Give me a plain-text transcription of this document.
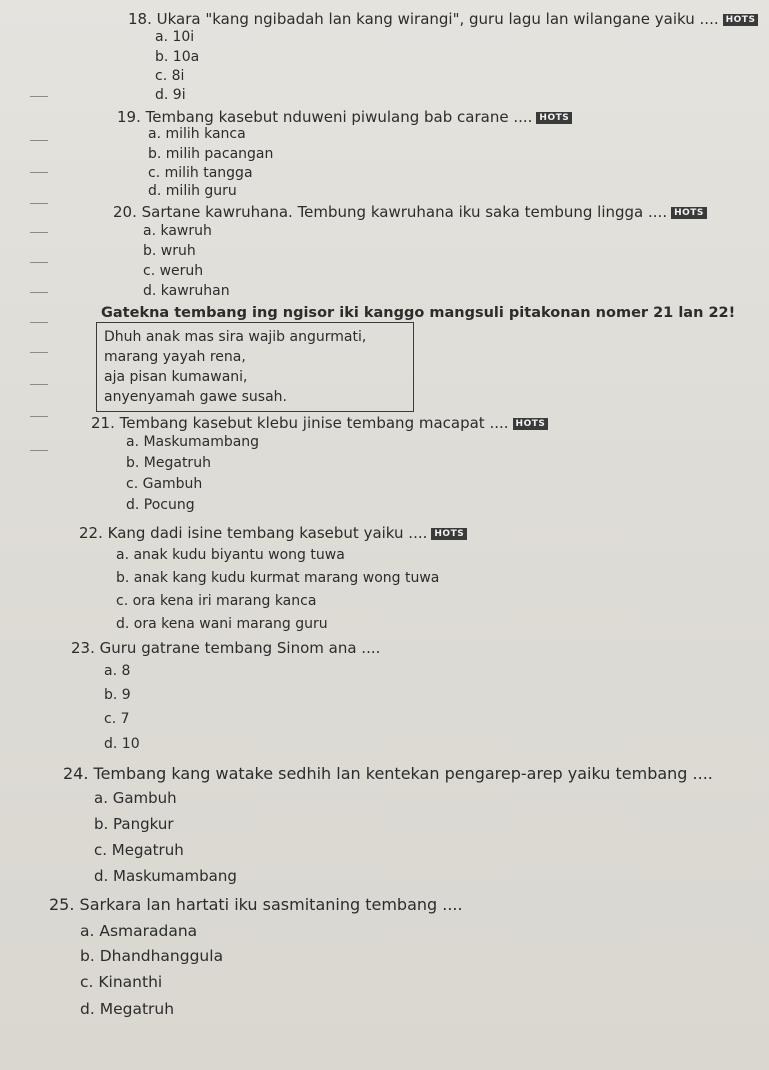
18. Ukara "kang ngibadah lan kang wirangi", guru lagu lan wilangane yaiku .... HOTS
a. 10i
b. 10a
c. 8i
d. 9i
19. Tembang kasebut nduweni piwulang bab carane .... HOTS
a. milih kanca
b. milih pacangan
c. milih tangga
d. milih guru
20. Sartane kawruhana. Tembung kawruhana iku saka tembung lingga .... HOTS
a. kawruh
b. wruh
c. weruh
d. kawruhan
Gatekna tembang ing ngisor iki kanggo mangsuli pitakonan nomer 21 lan 22!
Dhuh anak mas sira wajib angurmati,
marang yayah rena,
aja pisan kumawani,
anyenyamah gawe susah.
21. Tembang kasebut klebu jinise tembang macapat .... HOTS
a. Maskumambang
b. Megatruh
c. Gambuh
d. Pocung
22. Kang dadi isine tembang kasebut yaiku .... HOTS
a. anak kudu biyantu wong tuwa
b. anak kang kudu kurmat marang wong tuwa
c. ora kena iri marang kanca
d. ora kena wani marang guru
23. Guru gatrane tembang Sinom ana ....
a. 8
b. 9
c. 7
d. 10
24. Tembang kang watake sedhih lan kentekan pengarep-arep yaiku tembang ....
a. Gambuh
b. Pangkur
c. Megatruh
d. Maskumambang
25. Sarkara lan hartati iku sasmitaning tembang ....
a. Asmaradana
b. Dhandhanggula
c. Kinanthi
d. Megatruh
